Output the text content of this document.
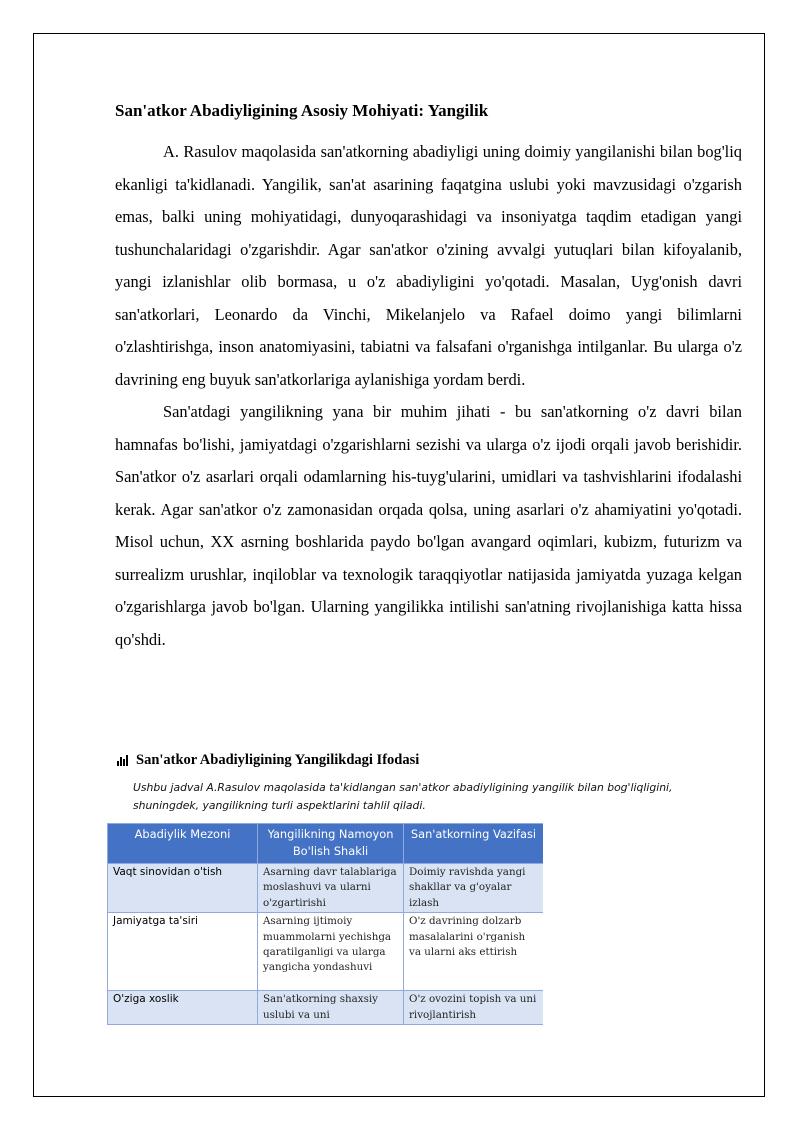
San'atkor Abadiyligining Asosiy Mohiyati: Yangilik

A. Rasulov maqolasida san'atkorning abadiyligi uning doimiy yangilanishi bilan bog'liq ekanligi ta'kidlanadi. Yangilik, san'at asarining faqatgina uslubi yoki mavzusidagi o'zgarish emas, balki uning mohiyatidagi, dunyoqarashidagi va insoniyatga taqdim etadigan yangi tushunchalaridagi o'zgarishdir. Agar san'atkor o'zining avvalgi yutuqlari bilan kifoyalanib, yangi izlanishlar olib bormasa, u o'z abadiyligini yo'qotadi. Masalan, Uyg'onish davri san'atkorlari, Leonardo da Vinchi, Mikelanjelo va Rafael doimo yangi bilimlarni o'zlashtirishga, inson anatomiyasini, tabiatni va falsafani o'rganishga intilganlar. Bu ularga o'z davrining eng buyuk san'atkorlariga aylanishiga yordam berdi.

San'atdagi yangilikning yana bir muhim jihati - bu san'atkorning o'z davri bilan hamnafas bo'lishi, jamiyatdagi o'zgarishlarni sezishi va ularga o'z ijodi orqali javob berishidir. San'atkor o'z asarlari orqali odamlarning his-tuyg'ularini, umidlari va tashvishlarini ifodalashi kerak. Agar san'atkor o'z zamonasidan orqada qolsa, uning asarlari o'z ahamiyatini yo'qotadi. Misol uchun, XX asrning boshlarida paydo bo'lgan avangard oqimlari, kubizm, futurizm va surrealizm urushlar, inqiloblar va texnologik taraqqiyotlar natijasida jamiyatda yuzaga kelgan o'zgarishlarga javob bo'lgan. Ularning yangilikka intilishi san'atning rivojlanishiga katta hissa qo'shdi.

San'atkor Abadiyligining Yangilikdagi Ifodasi
Ushbu jadval A.Rasulov maqolasida ta'kidlangan san'atkor abadiyligining yangilik bilan bog'liqligini, shuningdek, yangilikning turli aspektlarini tahlil qiladi.
Abadiylik Mezoni	Yangilikning Namoyon Bo'lish Shakli	San'atkorning Vazifasi
Vaqt sinovidan o'tish	Asarning davr talablariga moslashuvi va ularni o'zgartirishi	Doimiy ravishda yangi shakllar va g'oyalar izlash
Jamiyatga ta'siri	Asarning ijtimoiy muammolarni yechishga qaratilganligi va ularga yangicha yondashuvi	O'z davrining dolzarb masalalarini o'rganish va ularni aks ettirish
O'ziga xoslik	San'atkorning shaxsiy uslubi va uni	O'z ovozini topish va uni rivojlantirish
